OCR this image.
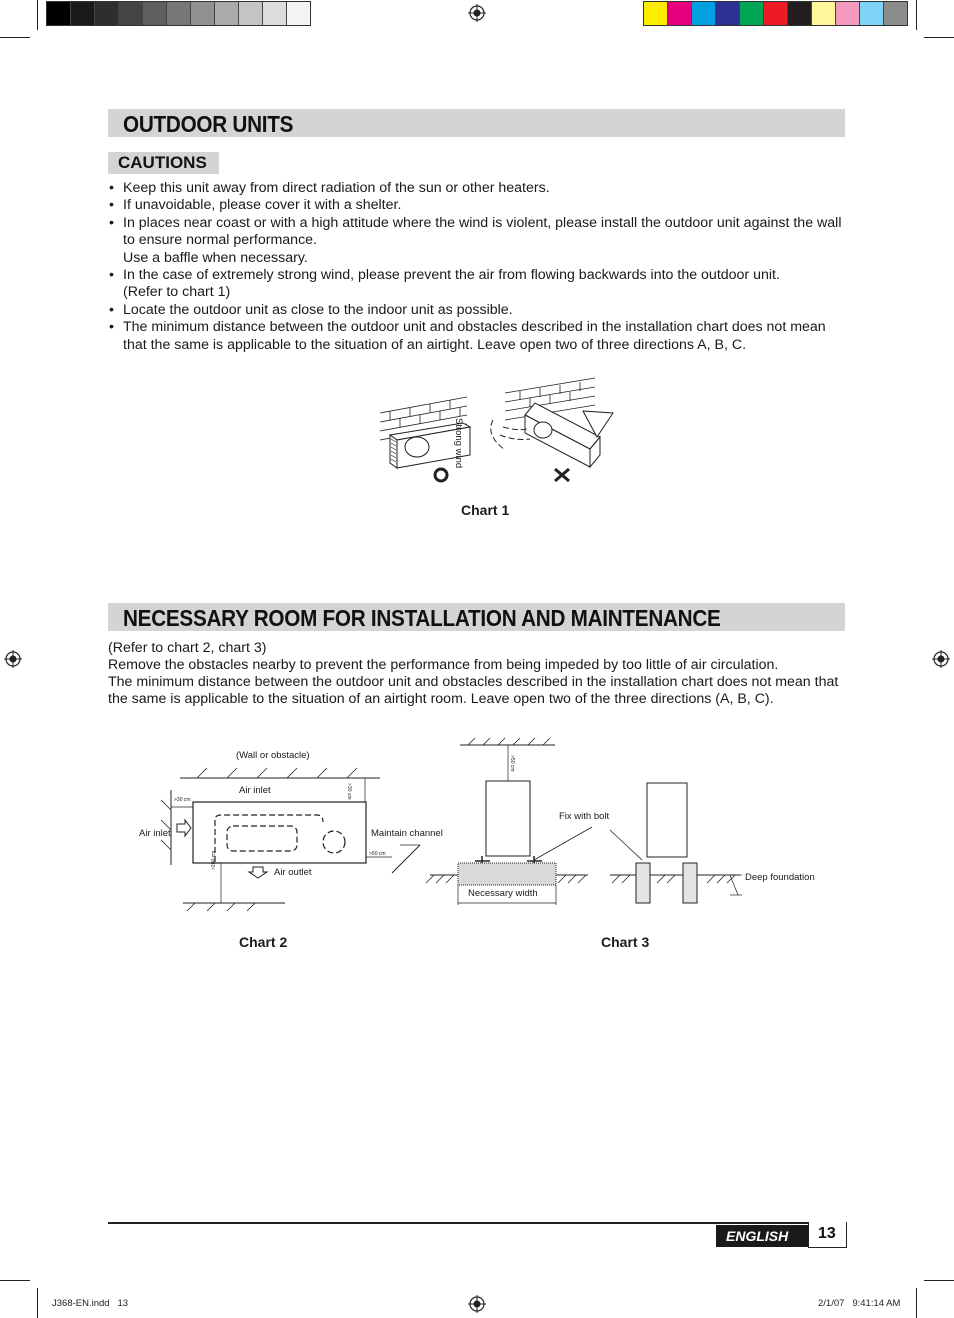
OUTDOOR UNITS
CAUTIONS
• Keep this unit away from direct radiation of the sun or other heaters.
• If unavoidable, please cover it with a shelter.
• In places near coast or with a high attitude where the wind is violent, please install the outdoor unit against the wall to ensure normal performance.
Use a baffle when necessary.
• In the case of extremely strong wind, please prevent the air from flowing backwards into the outdoor unit.
(Refer to chart 1)
• Locate the outdoor unit as close to the indoor unit as possible.
• The minimum distance between the outdoor unit and obstacles described in the installation chart does not mean that the same is applicable to the situation of an airtight. Leave open two of three directions A, B, C.
Strong wind
Chart 1
NECESSARY ROOM FOR INSTALLATION AND MAINTENANCE
(Refer to chart 2, chart 3)
Remove the obstacles nearby to prevent the performance from being impeded by too little of air circulation.
The minimum distance between the outdoor unit and obstacles described in the installation chart does not mean that the same is applicable to the situation of an airtight room. Leave open two of the three directions (A, B, C).
(Wall or obstacle)
Air inlet
Air inlet
Air outlet
Maintain channel
>30 cm
>30 cm
>50 cm
>200 cm
Chart 2
>50 cm
Fix with bolt
Necessary width
Deep foundation
Chart 3
ENGLISH 13
J368-EN.indd   13	2/1/07   9:41:14 AM
